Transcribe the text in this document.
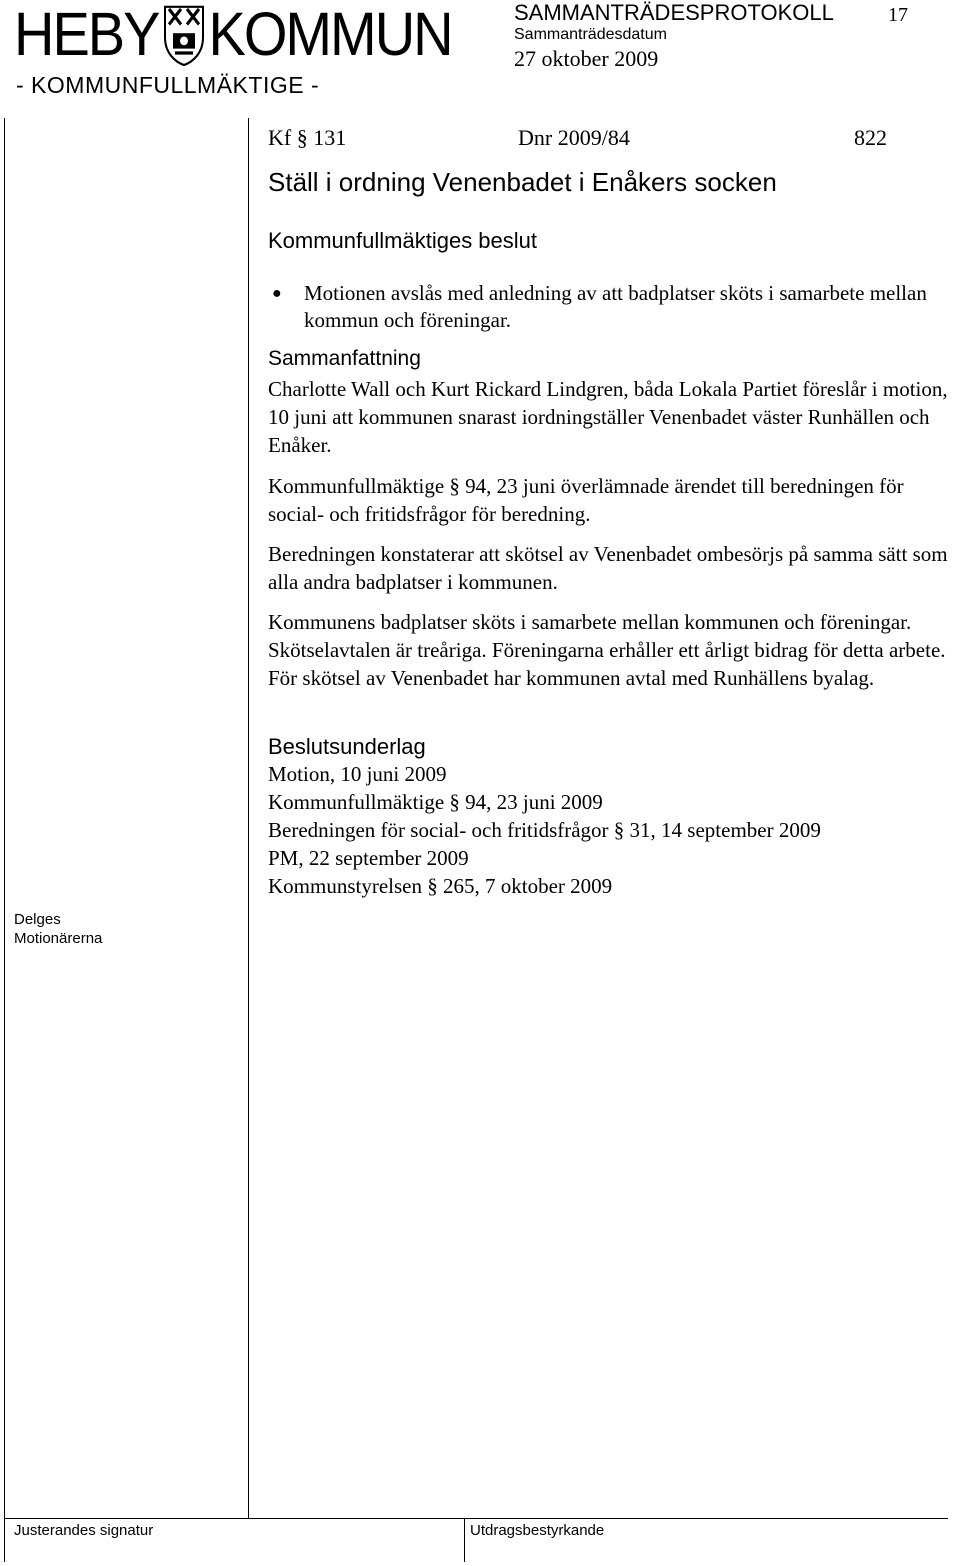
HEBY KOMMUN
- KOMMUNFULLMÄKTIGE -
SAMMANTRÄDESPROTOKOLL	17
Sammanträdesdatum
27 oktober 2009
Kf § 131	Dnr 2009/84	822
Ställ i ordning Venenbadet i Enåkers socken
Kommunfullmäktiges beslut
● Motionen avslås med anledning av att badplatser sköts i samarbete mellan kommun och föreningar.
Sammanfattning
Charlotte Wall och Kurt Rickard Lindgren, båda Lokala Partiet föreslår i motion, 10 juni att kommunen snarast iordningställer Venenbadet väster Runhällen och Enåker.
Kommunfullmäktige § 94, 23 juni överlämnade ärendet till beredningen för social- och fritidsfrågor för beredning.
Beredningen konstaterar att skötsel av Venenbadet ombesörjs på samma sätt som alla andra badplatser i kommunen.
Kommunens badplatser sköts i samarbete mellan kommunen och föreningar. Skötselavtalen är treåriga. Föreningarna erhåller ett årligt bidrag för detta arbete. För skötsel av Venenbadet har kommunen avtal med Runhällens byalag.
Beslutsunderlag
Motion, 10 juni 2009
Kommunfullmäktige § 94, 23 juni 2009
Beredningen för social- och fritidsfrågor § 31, 14 september 2009
PM, 22 september 2009
Kommunstyrelsen § 265, 7 oktober 2009
Delges
Motionärerna
Justerandes signatur	Utdragsbestyrkande
